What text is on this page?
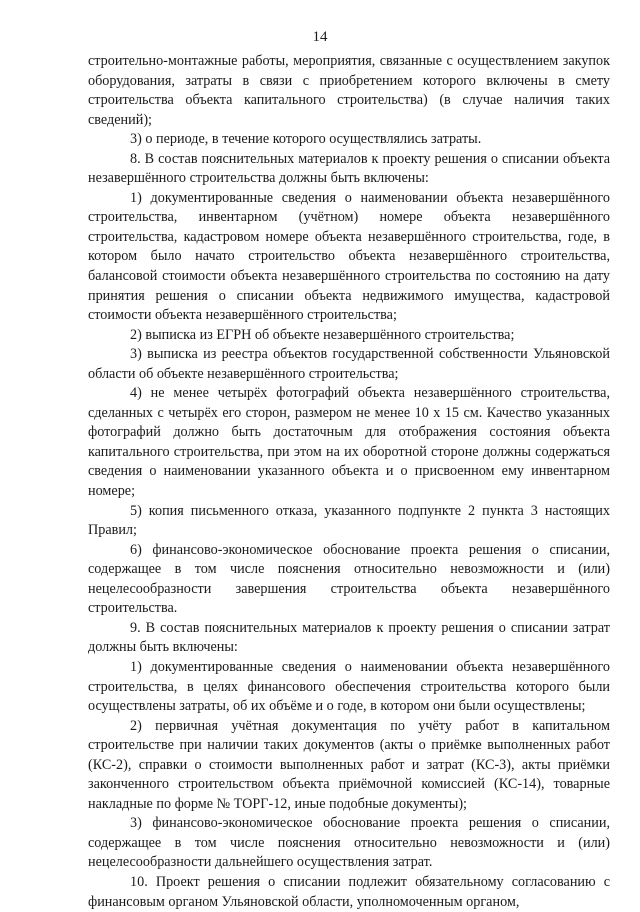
14

строительно-монтажные работы, мероприятия, связанные с осуществлением закупок оборудования, затраты в связи с приобретением которого включены в смету строительства объекта капитального строительства) (в случае наличия таких сведений);

3) о периоде, в течение которого осуществлялись затраты.

8. В состав пояснительных материалов к проекту решения о списании объекта незавершённого строительства должны быть включены:

1) документированные сведения о наименовании объекта незавершённого строительства, инвентарном (учётном) номере объекта незавершённого строительства, кадастровом номере объекта незавершённого строительства, годе, в котором было начато строительство объекта незавершённого строительства, балансовой стоимости объекта незавершённого строительства по состоянию на дату принятия решения о списании объекта недвижимого имущества, кадастровой стоимости объекта незавершённого строительства;

2) выписка из ЕГРН об объекте незавершённого строительства;

3) выписка из реестра объектов государственной собственности Ульяновской области об объекте незавершённого строительства;

4) не менее четырёх фотографий объекта незавершённого строительства, сделанных с четырёх его сторон, размером не менее 10 х 15 см. Качество указанных фотографий должно быть достаточным для отображения состояния объекта капитального строительства, при этом на их оборотной стороне должны содержаться сведения о наименовании указанного объекта и о присвоенном ему инвентарном номере;

5) копия письменного отказа, указанного подпункте 2 пункта 3 настоящих Правил;

6) финансово-экономическое обоснование проекта решения о списании, содержащее в том числе пояснения относительно невозможности и (или) нецелесообразности завершения строительства объекта незавершённого строительства.

9. В состав пояснительных материалов к проекту решения о списании затрат должны быть включены:

1) документированные сведения о наименовании объекта незавершённого строительства, в целях финансового обеспечения строительства которого были осуществлены затраты, об их объёме и о годе, в котором они были осуществлены;

2) первичная учётная документация по учёту работ в капитальном строительстве при наличии таких документов (акты о приёмке выполненных работ (КС-2), справки о стоимости выполненных работ и затрат (КС-3), акты приёмки законченного строительством объекта приёмочной комиссией (КС-14), товарные накладные по форме № ТОРГ-12, иные подобные документы);

3) финансово-экономическое обоснование проекта решения о списании, содержащее в том числе пояснения относительно невозможности и (или) нецелесообразности дальнейшего осуществления затрат.

10. Проект решения о списании подлежит обязательному согласованию с финансовым органом Ульяновской области, уполномоченным органом,
